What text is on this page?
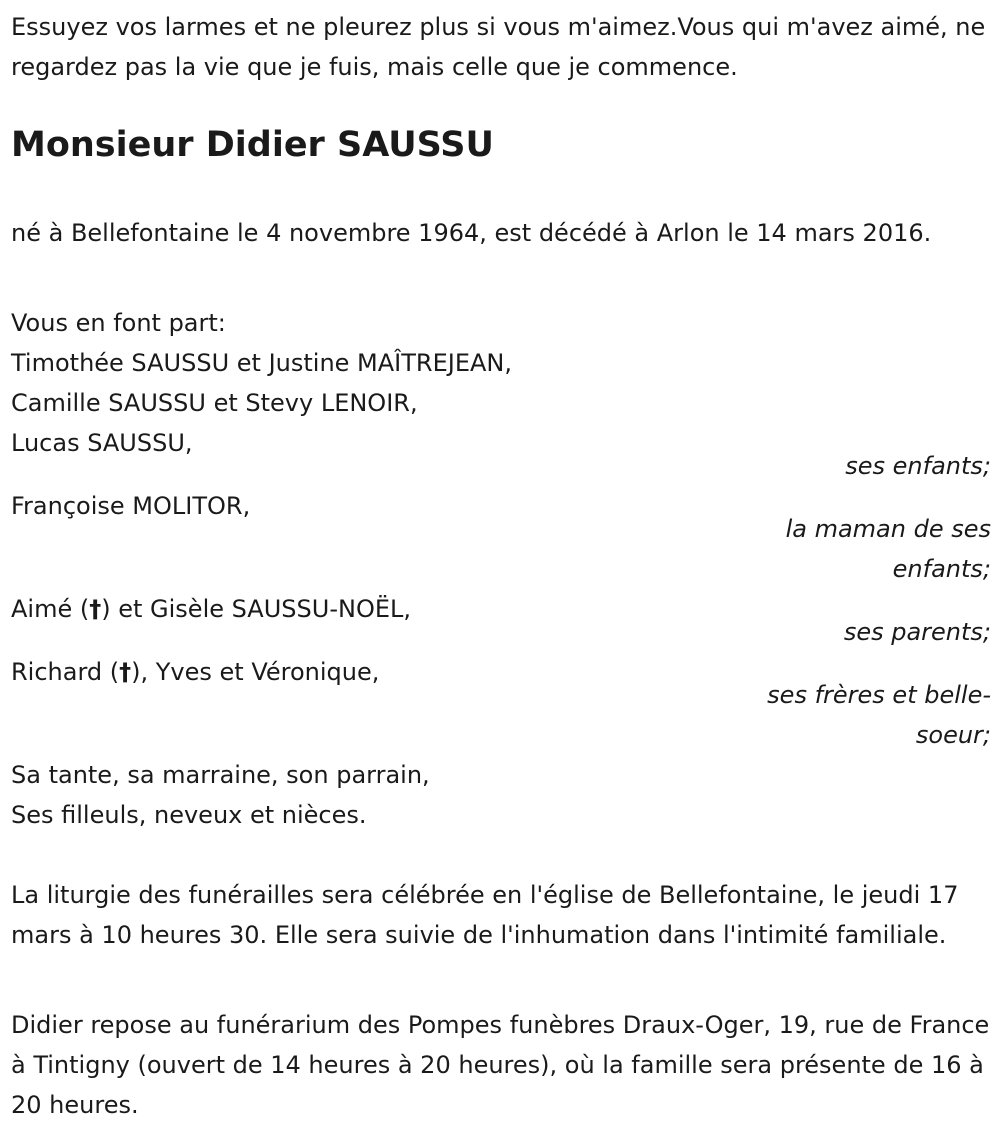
Essuyez vos larmes et ne pleurez plus si vous m'aimez.Vous qui m'avez aimé, ne regardez pas la vie que je fuis, mais celle que je commence.
Monsieur Didier SAUSSU
né à Bellefontaine le 4 novembre 1964, est décédé à Arlon le 14 mars 2016.
Vous en font part:
Timothée SAUSSU et Justine MAÎTREJEAN,
Camille SAUSSU et Stevy LENOIR,
Lucas SAUSSU,
ses enfants;
Françoise MOLITOR,
la maman de ses
enfants;
Aimé (†) et Gisèle SAUSSU-NOËL,
ses parents;
Richard (†), Yves et Véronique,
ses frères et belle-
soeur;
Sa tante, sa marraine, son parrain,
Ses filleuls, neveux et nièces.
La liturgie des funérailles sera célébrée en l'église de Bellefontaine, le jeudi 17 mars à 10 heures 30. Elle sera suivie de l'inhumation dans l'intimité familiale.
Didier repose au funérarium des Pompes funèbres Draux-Oger, 19, rue de France à Tintigny (ouvert de 14 heures à 20 heures), où la famille sera présente de 16 à 20 heures.
